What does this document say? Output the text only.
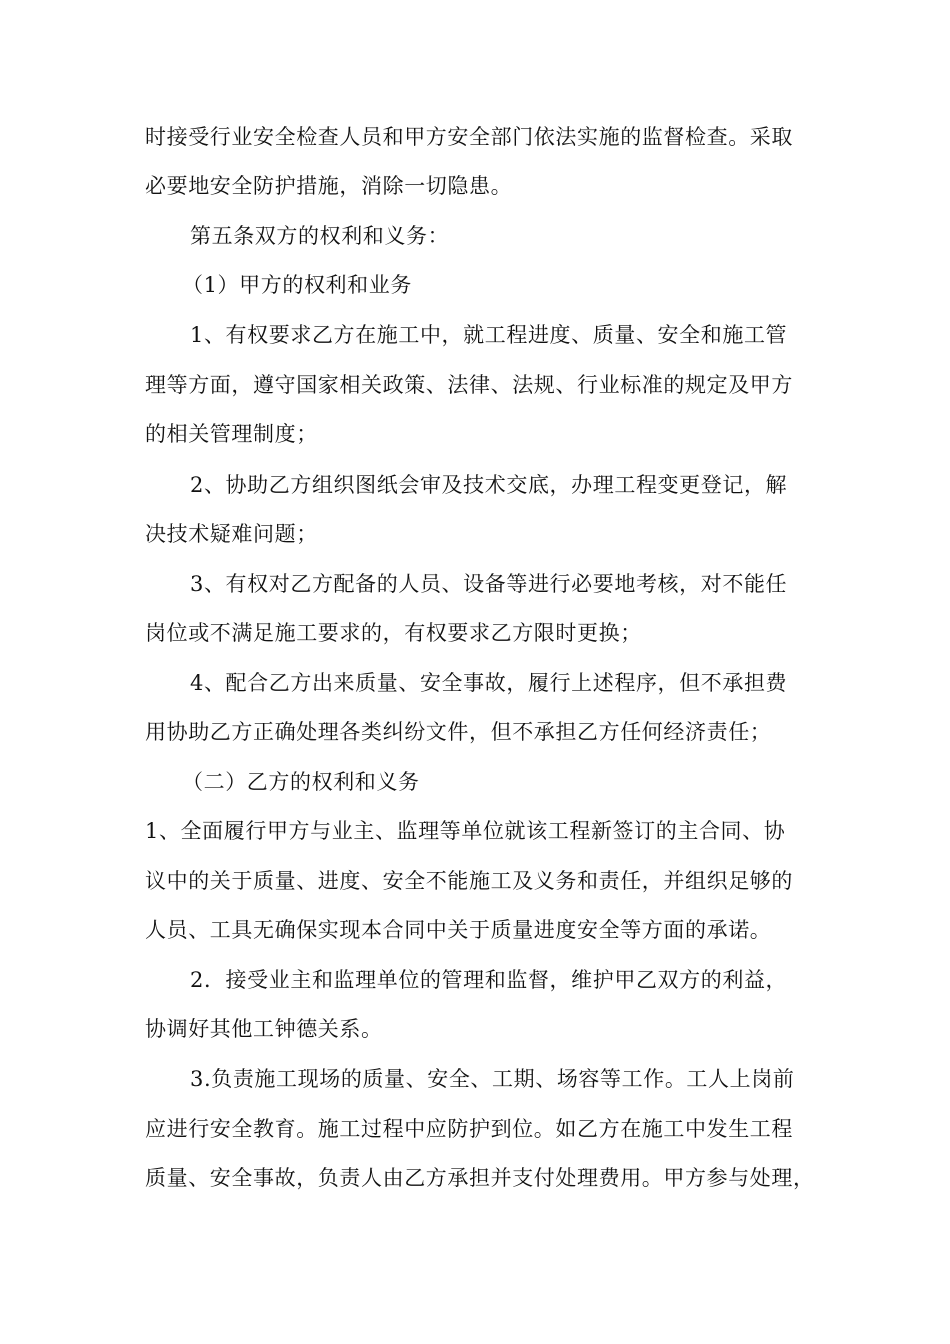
时接受行业安全检查人员和甲方安全部门依法实施的监督检查。采取
必要地安全防护措施，消除一切隐患。
第五条双方的权利和义务：
（1）甲方的权利和业务
1、有权要求乙方在施工中，就工程进度、质量、安全和施工管
理等方面，遵守国家相关政策、法律、法规、行业标准的规定及甲方
的相关管理制度；
2、协助乙方组织图纸会审及技术交底，办理工程变更登记，解
决技术疑难问题；
3、有权对乙方配备的人员、设备等进行必要地考核，对不能任
岗位或不满足施工要求的，有权要求乙方限时更换；
4、配合乙方出来质量、安全事故，履行上述程序，但不承担费
用协助乙方正确处理各类纠纷文件，但不承担乙方任何经济责任；
（二）乙方的权利和义务
1、全面履行甲方与业主、监理等单位就该工程新签订的主合同、协
议中的关于质量、进度、安全不能施工及义务和责任，并组织足够的
人员、工具无确保实现本合同中关于质量进度安全等方面的承诺。
2．接受业主和监理单位的管理和监督，维护甲乙双方的利益，
协调好其他工钟德关系。
3.负责施工现场的质量、安全、工期、场容等工作。工人上岗前
应进行安全教育。施工过程中应防护到位。如乙方在施工中发生工程
质量、安全事故，负责人由乙方承担并支付处理费用。甲方参与处理，
